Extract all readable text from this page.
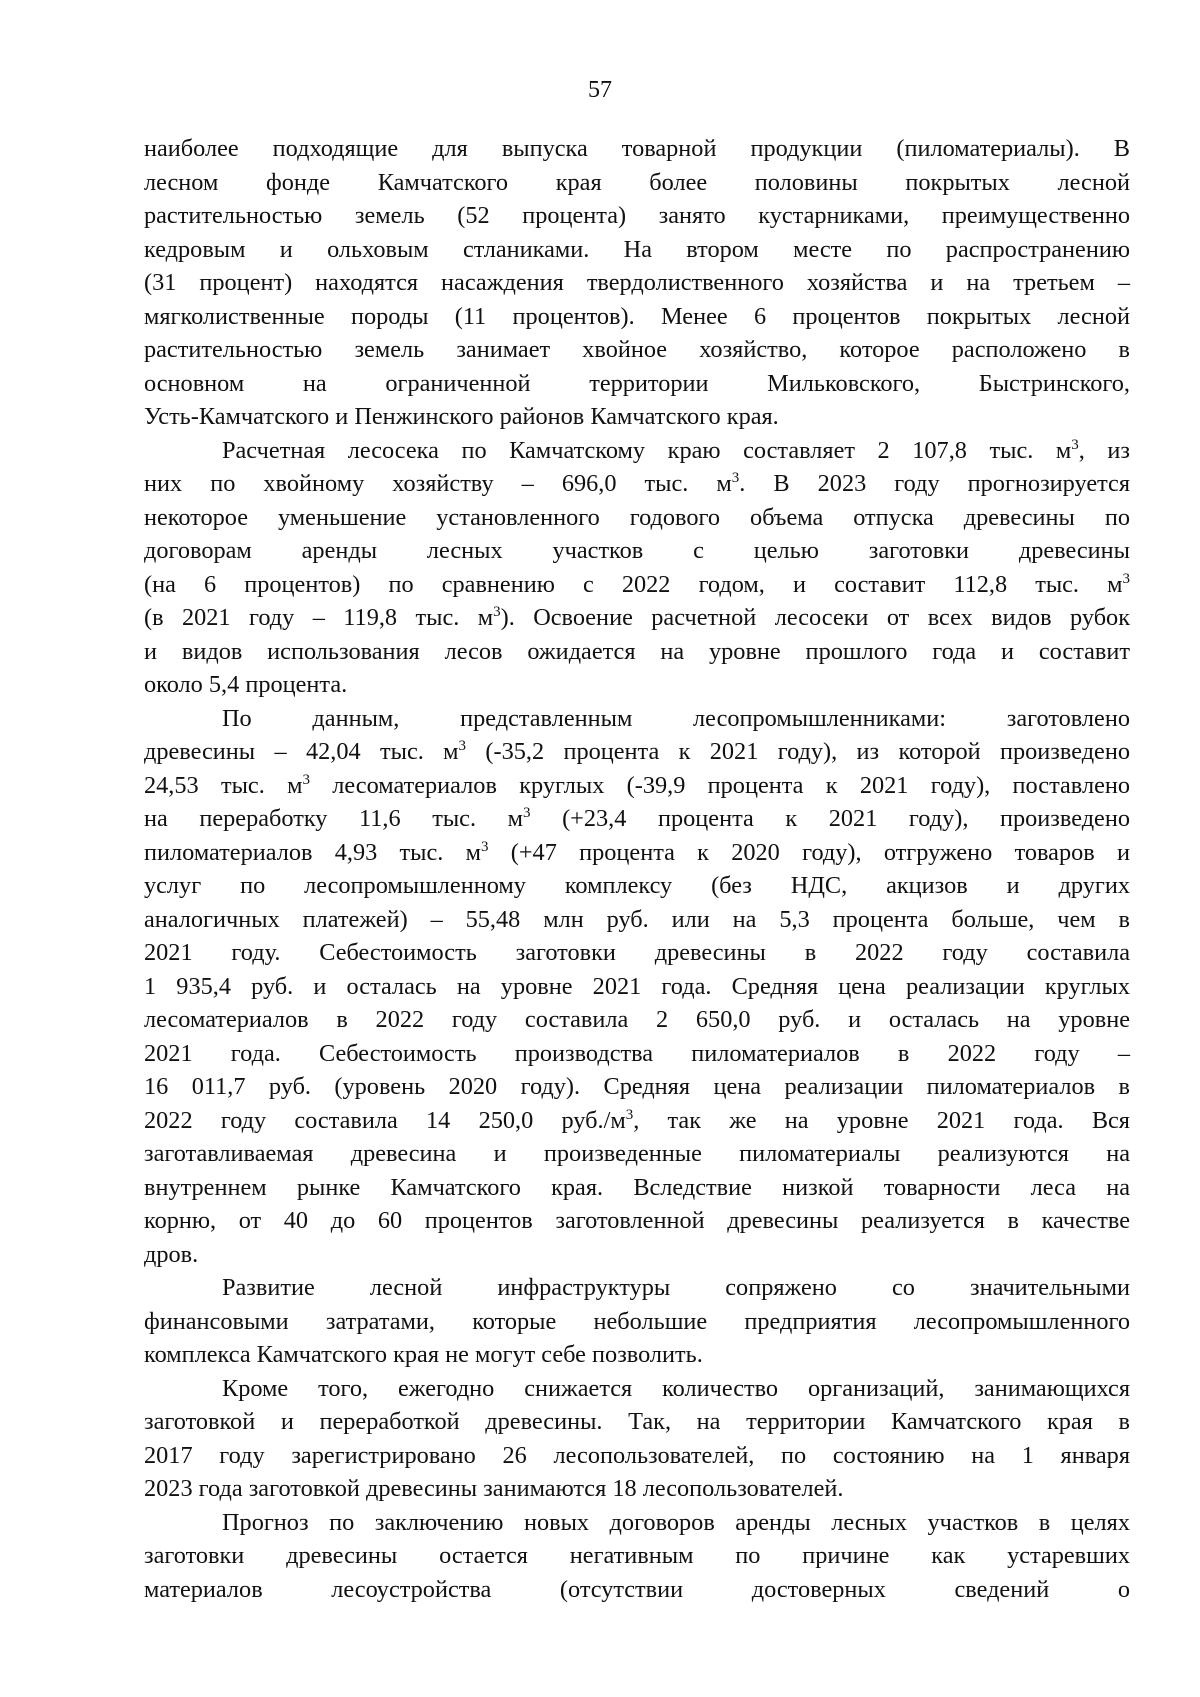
57
наиболее подходящие для выпуска товарной продукции (пиломатериалы). В
лесном фонде Камчатского края более половины покрытых лесной
растительностью земель (52 процента) занято кустарниками, преимущественно
кедровым и ольховым стланиками. На втором месте по распространению
(31 процент) находятся насаждения твердолиственного хозяйства и на третьем –
мягколиственные породы (11 процентов). Менее 6 процентов покрытых лесной
растительностью земель занимает хвойное хозяйство, которое расположено в
основном на ограниченной территории Мильковского, Быстринского,
Усть-Камчатского и Пенжинского районов Камчатского края.
Расчетная лесосека по Камчатскому краю составляет 2 107,8 тыс. $м^3$, из
них по хвойному хозяйству – 696,0 тыс. $м^3$. В 2023 году прогнозируется
некоторое уменьшение установленного годового объема отпуска древесины по
договорам аренды лесных участков с целью заготовки древесины
(на 6 процентов) по сравнению с 2022 годом, и составит 112,8 тыс. $м^3$
(в 2021 году – 119,8 тыс. $м^3$). Освоение расчетной лесосеки от всех видов рубок
и видов использования лесов ожидается на уровне прошлого года и составит
около 5,4 процента.
По данным, представленным лесопромышленниками: заготовлено
древесины – 42,04 тыс. $м^3$ (-35,2 процента к 2021 году), из которой произведено
24,53 тыс. $м^3$ лесоматериалов круглых (-39,9 процента к 2021 году), поставлено
на переработку 11,6 тыс. $м^3$ (+23,4 процента к 2021 году), произведено
пиломатериалов 4,93 тыс. $м^3$ (+47 процента к 2020 году), отгружено товаров и
услуг по лесопромышленному комплексу (без НДС, акцизов и других
аналогичных платежей) – 55,48 млн руб. или на 5,3 процента больше, чем в
2021 году. Себестоимость заготовки древесины в 2022 году составила
1 935,4 руб. и осталась на уровне 2021 года. Средняя цена реализации круглых
лесоматериалов в 2022 году составила 2 650,0 руб. и осталась на уровне
2021 года. Себестоимость производства пиломатериалов в 2022 году –
16 011,7 руб. (уровень 2020 году). Средняя цена реализации пиломатериалов в
2022 году составила 14 250,0 $руб./м^3$, так же на уровне 2021 года. Вся
заготавливаемая древесина и произведенные пиломатериалы реализуются на
внутреннем рынке Камчатского края. Вследствие низкой товарности леса на
корню, от 40 до 60 процентов заготовленной древесины реализуется в качестве
дров.
Развитие лесной инфраструктуры сопряжено со значительными
финансовыми затратами, которые небольшие предприятия лесопромышленного
комплекса Камчатского края не могут себе позволить.
Кроме того, ежегодно снижается количество организаций, занимающихся
заготовкой и переработкой древесины. Так, на территории Камчатского края в
2017 году зарегистрировано 26 лесопользователей, по состоянию на 1 января
2023 года заготовкой древесины занимаются 18 лесопользователей.
Прогноз по заключению новых договоров аренды лесных участков в целях
заготовки древесины остается негативным по причине как устаревших
материалов лесоустройства (отсутствии достоверных сведений о
